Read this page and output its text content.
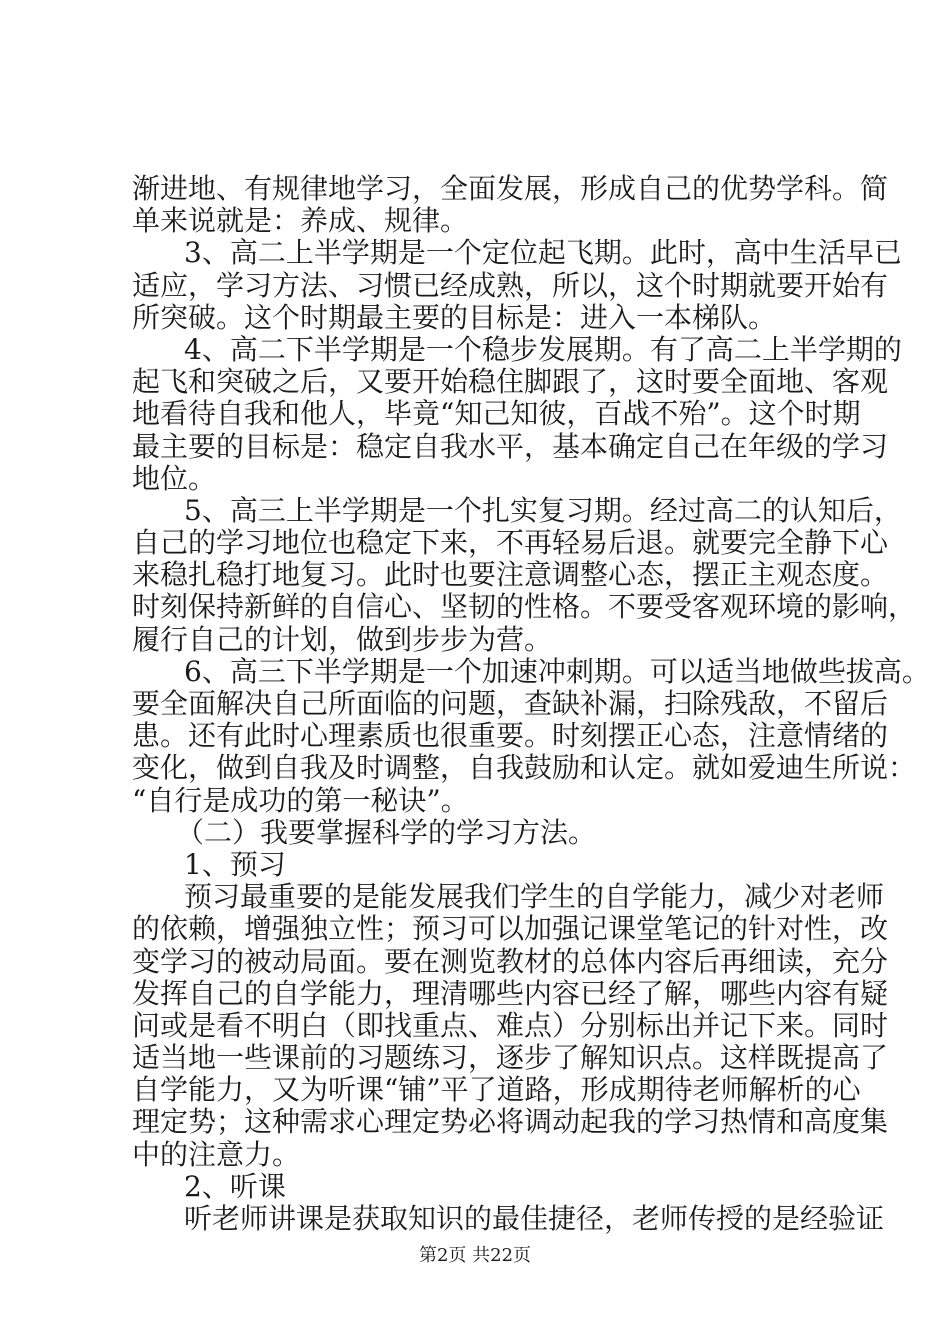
渐进地、有规律地学习，全面发展，形成自己的优势学科。简
单来说就是：养成、规律。
3、高二上半学期是一个定位起飞期。此时，高中生活早已
适应，学习方法、习惯已经成熟，所以，这个时期就要开始有
所突破。这个时期最主要的目标是：进入一本梯队。
4、高二下半学期是一个稳步发展期。有了高二上半学期的
起飞和突破之后，又要开始稳住脚跟了，这时要全面地、客观
地看待自我和他人，毕竟“知己知彼，百战不殆”。这个时期
最主要的目标是：稳定自我水平，基本确定自己在年级的学习
地位。
5、高三上半学期是一个扎实复习期。经过高二的认知后，
自己的学习地位也稳定下来，不再轻易后退。就要完全静下心
来稳扎稳打地复习。此时也要注意调整心态，摆正主观态度。
时刻保持新鲜的自信心、坚韧的性格。不要受客观环境的影响，
履行自己的计划，做到步步为营。
6、高三下半学期是一个加速冲刺期。可以适当地做些拔高。
要全面解决自己所面临的问题，查缺补漏，扫除残敌，不留后
患。还有此时心理素质也很重要。时刻摆正心态，注意情绪的
变化，做到自我及时调整，自我鼓励和认定。就如爱迪生所说：
“自行是成功的第一秘诀”。
（二）我要掌握科学的学习方法。
1、预习
预习最重要的是能发展我们学生的自学能力，减少对老师
的依赖，增强独立性；预习可以加强记课堂笔记的针对性，改
变学习的被动局面。要在测览教材的总体内容后再细读，充分
发挥自己的自学能力，理清哪些内容已经了解，哪些内容有疑
问或是看不明白（即找重点、难点）分别标出并记下来。同时
适当地一些课前的习题练习，逐步了解知识点。这样既提高了
自学能力，又为听课“铺”平了道路，形成期待老师解析的心
理定势；这种需求心理定势必将调动起我的学习热情和高度集
中的注意力。
2、听课
听老师讲课是获取知识的最佳捷径，老师传授的是经验证
第2页 共22页
